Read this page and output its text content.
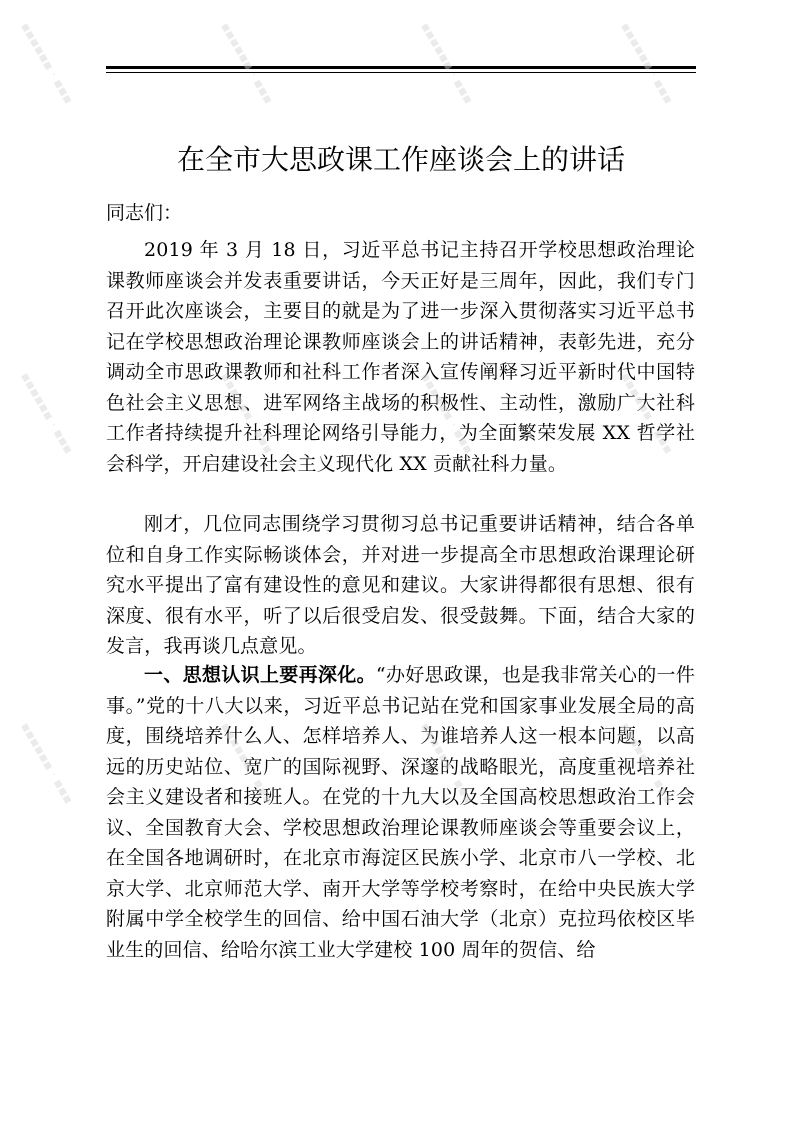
在全市大思政课工作座谈会上的讲话

同志们：

2019 年 3 月 18 日，习近平总书记主持召开学校思想政治理论课教师座谈会并发表重要讲话，今天正好是三周年，因此，我们专门召开此次座谈会，主要目的就是为了进一步深入贯彻落实习近平总书记在学校思想政治理论课教师座谈会上的讲话精神，表彰先进，充分调动全市思政课教师和社科工作者深入宣传阐释习近平新时代中国特色社会主义思想、进军网络主战场的积极性、主动性，激励广大社科工作者持续提升社科理论网络引导能力，为全面繁荣发展 XX 哲学社会科学，开启建设社会主义现代化 XX 贡献社科力量。

刚才，几位同志围绕学习贯彻习总书记重要讲话精神，结合各单位和自身工作实际畅谈体会，并对进一步提高全市思想政治课理论研究水平提出了富有建设性的意见和建议。大家讲得都很有思想、很有深度、很有水平，听了以后很受启发、很受鼓舞。下面，结合大家的发言，我再谈几点意见。

一、思想认识上要再深化。“办好思政课，也是我非常关心的一件事。”党的十八大以来，习近平总书记站在党和国家事业发展全局的高度，围绕培养什么人、怎样培养人、为谁培养人这一根本问题，以高远的历史站位、宽广的国际视野、深邃的战略眼光，高度重视培养社会主义建设者和接班人。在党的十九大以及全国高校思想政治工作会议、全国教育大会、学校思想政治理论课教师座谈会等重要会议上，在全国各地调研时，在北京市海淀区民族小学、北京市八一学校、北京大学、北京师范大学、南开大学等学校考察时，在给中央民族大学附属中学全校学生的回信、给中国石油大学（北京）克拉玛依校区毕业生的回信、给哈尔滨工业大学建校 100 周年的贺信、给

▪▪▪▪▪▪ · ▪▪▪	▪▪▪▪▪▪ · ▪▪▪	▪▪▪▪▪▪ · ▪▪▪	▪▪▪▪▪▪ · ▪▪▪
▪▪▪▪▪▪ · ▪▪▪	▪▪▪▪▪▪ · ▪▪▪	▪▪▪▪▪▪ · ▪▪▪	▪▪▪▪▪▪ · ▪▪▪
▪▪▪▪▪▪ · ▪▪▪	▪▪▪▪▪▪ · ▪▪▪	▪▪▪▪▪▪ · ▪▪▪	▪▪▪▪▪▪ · ▪▪▪
